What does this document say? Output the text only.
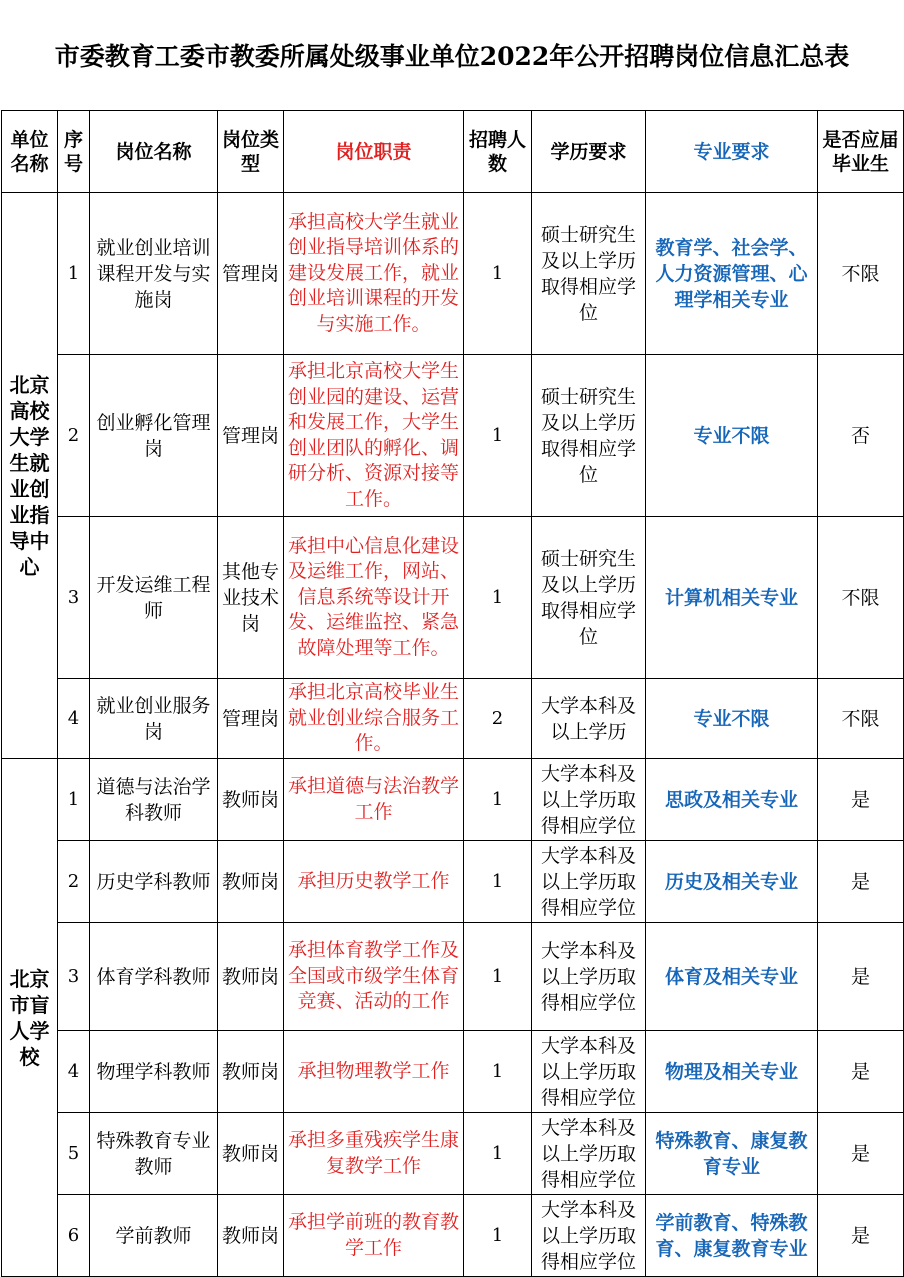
市委教育工委市教委所属处级事业单位2022年公开招聘岗位信息汇总表
单位名称	序号	岗位名称	岗位类型	岗位职责	招聘人数	学历要求	专业要求	是否应届毕业生
北京高校大学生就业创业指导中心	1	就业创业培训课程开发与实施岗	管理岗	承担高校大学生就业创业指导培训体系的建设发展工作，就业创业培训课程的开发与实施工作。	1	硕士研究生及以上学历取得相应学位	教育学、社会学、人力资源管理、心理学相关专业	不限
	2	创业孵化管理岗	管理岗	承担北京高校大学生创业园的建设、运营和发展工作，大学生创业团队的孵化、调研分析、资源对接等工作。	1	硕士研究生及以上学历取得相应学位	专业不限	否
	3	开发运维工程师	其他专业技术岗	承担中心信息化建设及运维工作，网站、信息系统等设计开发、运维监控、紧急故障处理等工作。	1	硕士研究生及以上学历取得相应学位	计算机相关专业	不限
	4	就业创业服务岗	管理岗	承担北京高校毕业生就业创业综合服务工作。	2	大学本科及以上学历	专业不限	不限
北京市盲人学校	1	道德与法治学科教师	教师岗	承担道德与法治教学工作	1	大学本科及以上学历取得相应学位	思政及相关专业	是
	2	历史学科教师	教师岗	承担历史教学工作	1	大学本科及以上学历取得相应学位	历史及相关专业	是
	3	体育学科教师	教师岗	承担体育教学工作及全国或市级学生体育竞赛、活动的工作	1	大学本科及以上学历取得相应学位	体育及相关专业	是
	4	物理学科教师	教师岗	承担物理教学工作	1	大学本科及以上学历取得相应学位	物理及相关专业	是
	5	特殊教育专业教师	教师岗	承担多重残疾学生康复教学工作	1	大学本科及以上学历取得相应学位	特殊教育、康复教育专业	是
	6	学前教师	教师岗	承担学前班的教育教学工作	1	大学本科及以上学历取得相应学位	学前教育、特殊教育、康复教育专业	是
